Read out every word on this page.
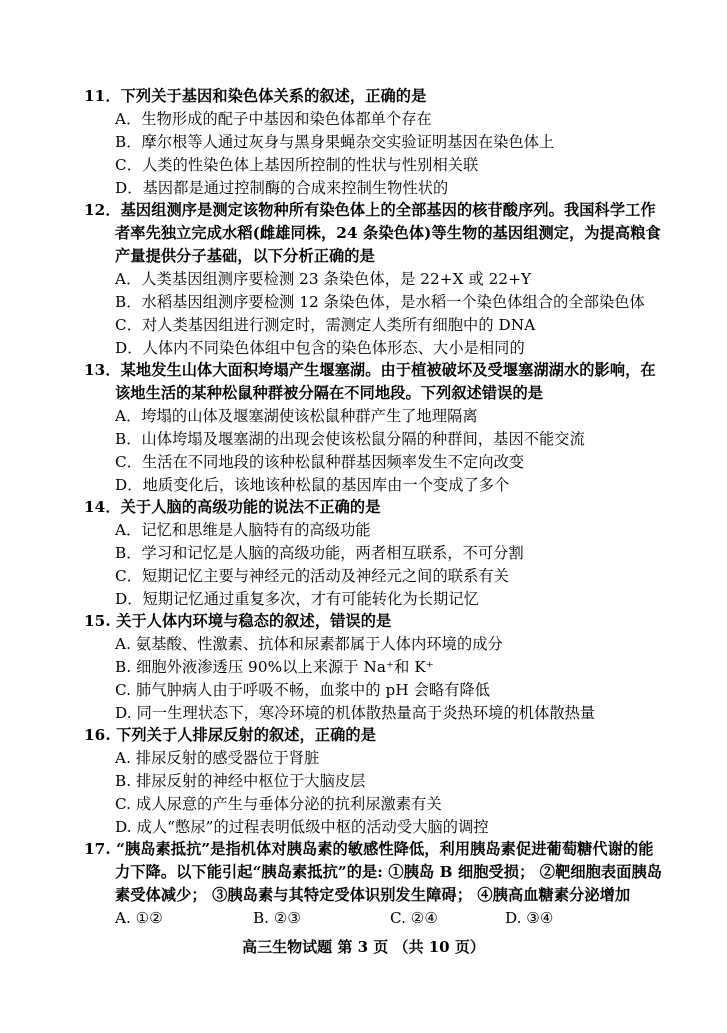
11．下列关于基因和染色体关系的叙述，正确的是
A．生物形成的配子中基因和染色体都单个存在
B．摩尔根等人通过灰身与黑身果蝇杂交实验证明基因在染色体上
C．人类的性染色体上基因所控制的性状与性别相关联
D．基因都是通过控制酶的合成来控制生物性状的
12．基因组测序是测定该物种所有染色体上的全部基因的核苷酸序列。我国科学工作
者率先独立完成水稻(雌雄同株，24 条染色体)等生物的基因组测定，为提高粮食
产量提供分子基础，以下分析正确的是
A．人类基因组测序要检测 23 条染色体，是 22+X 或 22+Y
B．水稻基因组测序要检测 12 条染色体，是水稻一个染色体组合的全部染色体
C．对人类基因组进行测定时，需测定人类所有细胞中的 DNA
D．人体内不同染色体组中包含的染色体形态、大小是相同的
13．某地发生山体大面积垮塌产生堰塞湖。由于植被破坏及受堰塞湖湖水的影响，在
该地生活的某种松鼠种群被分隔在不同地段。下列叙述错误的是
A．垮塌的山体及堰塞湖使该松鼠种群产生了地理隔离
B．山体垮塌及堰塞湖的出现会使该松鼠分隔的种群间，基因不能交流
C．生活在不同地段的该种松鼠种群基因频率发生不定向改变
D．地质变化后，该地该种松鼠的基因库由一个变成了多个
14．关于人脑的高级功能的说法不正确的是
A．记忆和思维是人脑特有的高级功能
B．学习和记忆是人脑的高级功能，两者相互联系，不可分割
C．短期记忆主要与神经元的活动及神经元之间的联系有关
D．短期记忆通过重复多次，才有可能转化为长期记忆
15. 关于人体内环境与稳态的叙述，错误的是
A. 氨基酸、性激素、抗体和尿素都属于人体内环境的成分
B. 细胞外液渗透压 90%以上来源于 Na⁺和 K⁺
C. 肺气肿病人由于呼吸不畅，血浆中的 pH 会略有降低
D. 同一生理状态下，寒冷环境的机体散热量高于炎热环境的机体散热量
16. 下列关于人排尿反射的叙述，正确的是
A. 排尿反射的感受器位于肾脏
B. 排尿反射的神经中枢位于大脑皮层
C. 成人尿意的产生与垂体分泌的抗利尿激素有关
D. 成人“憋尿”的过程表明低级中枢的活动受大脑的调控
17. “胰岛素抵抗”是指机体对胰岛素的敏感性降低，利用胰岛素促进葡萄糖代谢的能
力下降。以下能引起“胰岛素抵抗”的是: ①胰岛 B 细胞受损； ②靶细胞表面胰岛
素受体减少； ③胰岛素与其特定受体识别发生障碍； ④胰高血糖素分泌增加
A. ①②	B. ②③	C. ②④	D. ③④
高三生物试题 第 3 页 （共 10 页）
